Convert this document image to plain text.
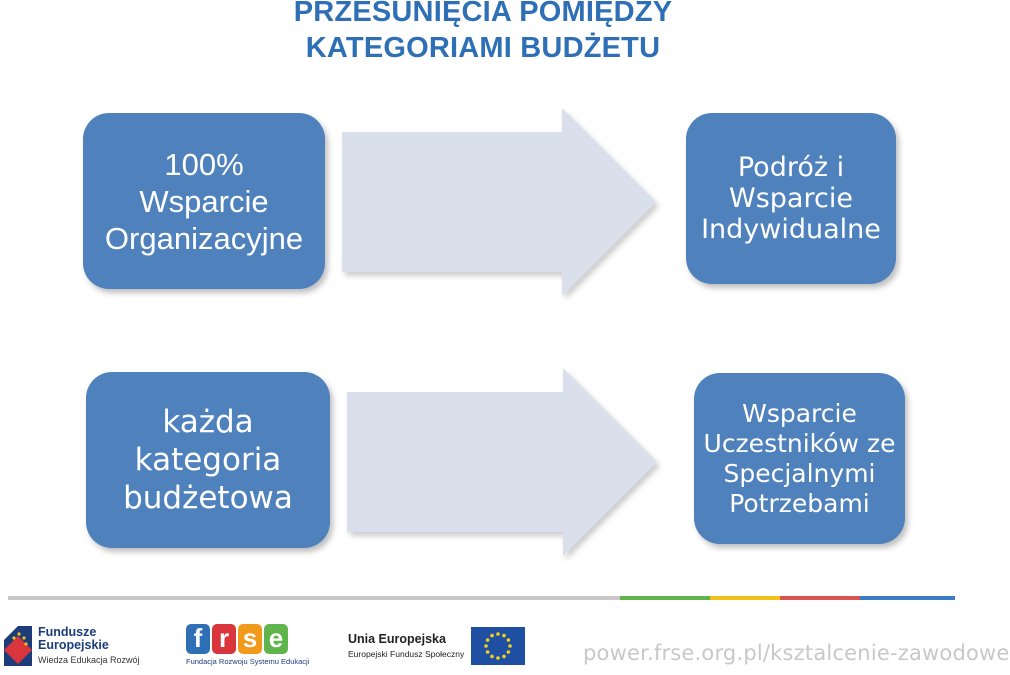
PRZESUNIĘCIA POMIĘDZY
KATEGORIAMI BUDŻETU
100%
Wsparcie
Organizacyjne
Podróż i
Wsparcie
Indywidualne
każda
kategoria
budżetowa
Wsparcie
Uczestników ze
Specjalnymi
Potrzebami
Fundusze
Europejskie
Wiedza Edukacja Rozwój
f r s e
Fundacja Rozwoju Systemu Edukacji
Unia Europejska
Europejski Fundusz Społeczny	power.frse.org.pl/ksztalcenie-zawodowe
